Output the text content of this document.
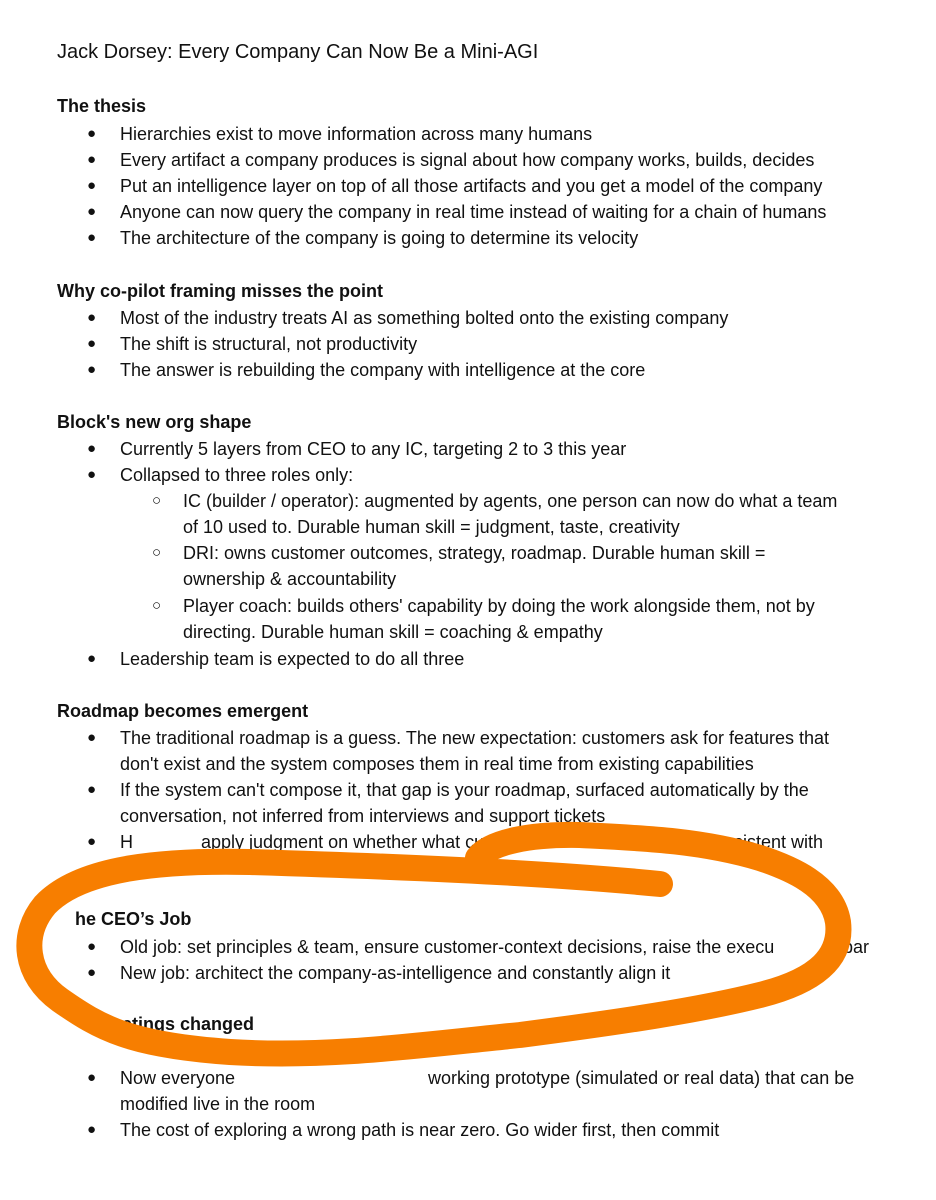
Jack Dorsey: Every Company Can Now Be a Mini-AGI
The thesis
● Hierarchies exist to move information across many humans
● Every artifact a company produces is signal about how company works, builds, decides
● Put an intelligence layer on top of all those artifacts and you get a model of the company
● Anyone can now query the company in real time instead of waiting for a chain of humans
● The architecture of the company is going to determine its velocity
Why co-pilot framing misses the point
● Most of the industry treats AI as something bolted onto the existing company
● The shift is structural, not productivity
● The answer is rebuilding the company with intelligence at the core
Block's new org shape
● Currently 5 layers from CEO to any IC, targeting 2 to 3 this year
● Collapsed to three roles only:
○ IC (builder / operator): augmented by agents, one person can now do what a team
of 10 used to. Durable human skill = judgment, taste, creativity
○ DRI: owns customer outcomes, strategy, roadmap. Durable human skill =
ownership & accountability
○ Player coach: builds others' capability by doing the work alongside them, not by
directing. Durable human skill = coaching & empathy
● Leadership team is expected to do all three
Roadmap becomes emergent
● The traditional roadmap is a guess. The new expectation: customers ask for features that
don't exist and the system composes them in real time from existing capabilities
● If the system can't compose it, that gap is your roadmap, surfaced automatically by the
conversation, not inferred from interviews and support tickets
● H	apply judgment on whether what cu	consistent with
he CEO’s Job
● Old job: set principles & team, ensure customer-context decisions, raise the execu	bar
● New job: architect the company-as-intelligence and constantly align it
etings changed
● Now everyone	working prototype (simulated or real data) that can be
modified live in the room
● The cost of exploring a wrong path is near zero. Go wider first, then commit
